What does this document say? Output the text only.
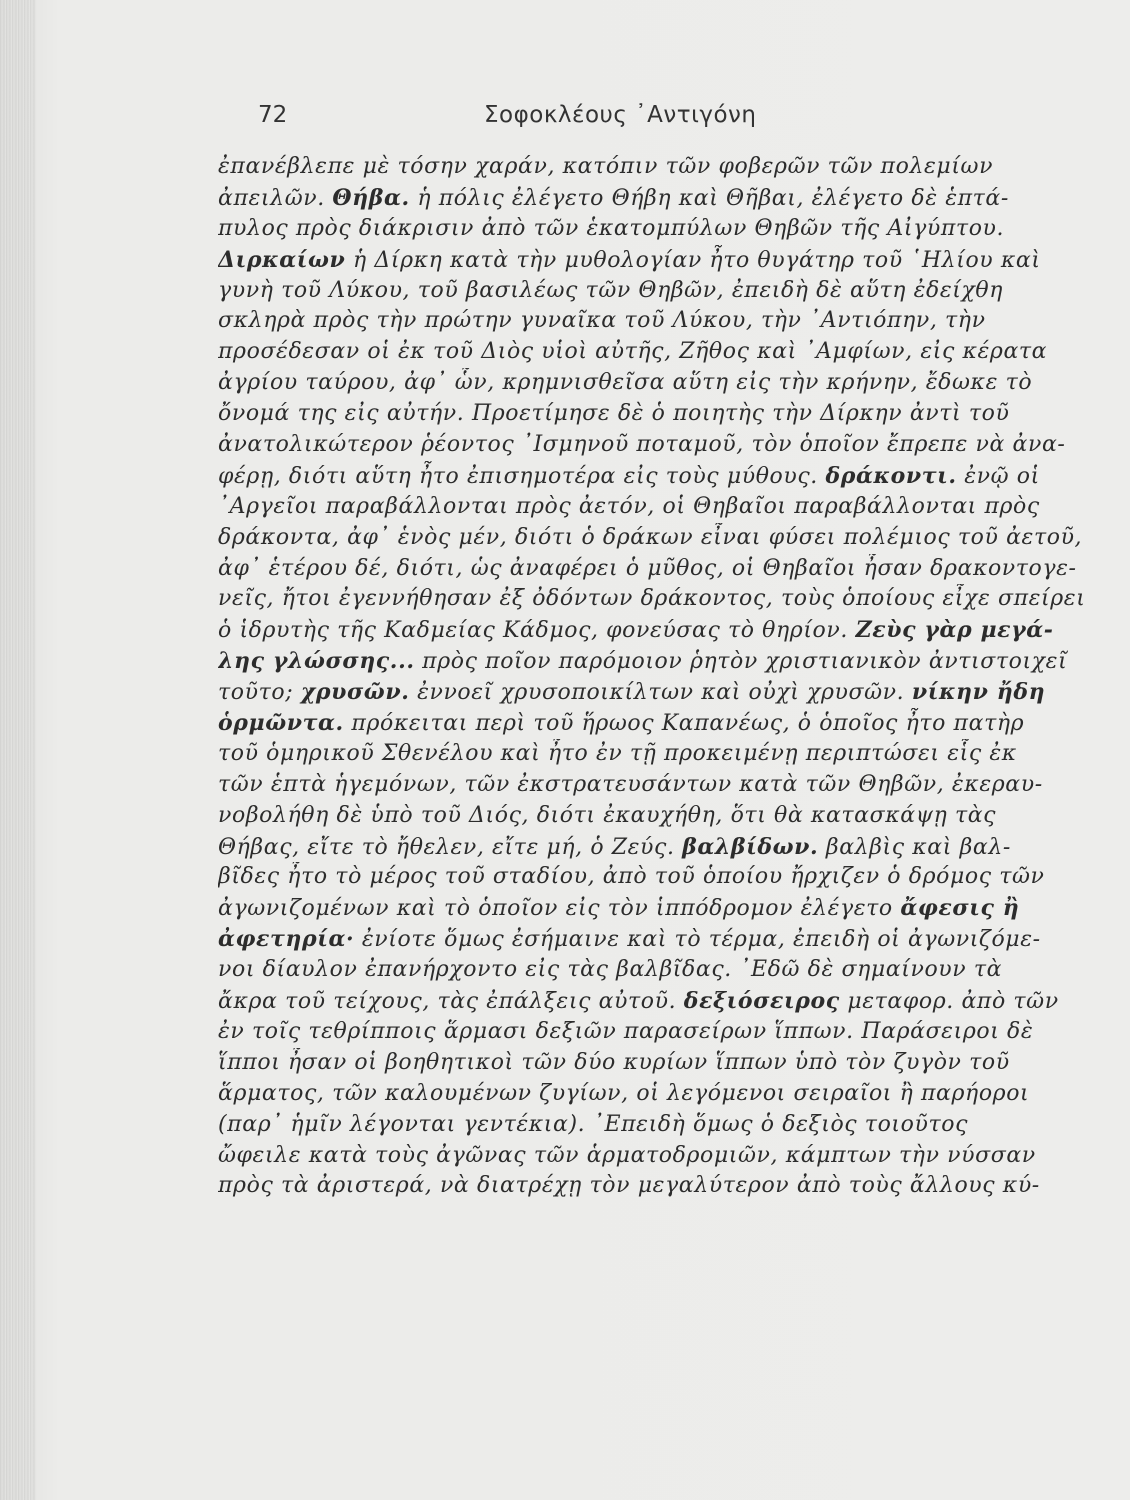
72	Σοφοκλέους ᾿Αντιγόνη
ἐπανέβλεπε μὲ τόσην χαράν, κατόπιν τῶν φοβερῶν τῶν πολεμίων
ἀπειλῶν. Θήβα. ἡ πόλις ἐλέγετο Θήβη καὶ Θῆβαι, ἐλέγετο δὲ ἑπτά-
πυλος πρὸς διάκρισιν ἀπὸ τῶν ἑκατομπύλων Θηβῶν τῆς Αἰγύπτου.
Διρκαίων ἡ Δίρκη κατὰ τὴν μυθολογίαν ἦτο θυγάτηρ τοῦ ῾Ηλίου καὶ
γυνὴ τοῦ Λύκου, τοῦ βασιλέως τῶν Θηβῶν, ἐπειδὴ δὲ αὕτη ἐδείχθη
σκληρὰ πρὸς τὴν πρώτην γυναῖκα τοῦ Λύκου, τὴν ᾿Αντιόπην, τὴν
προσέδεσαν οἱ ἐκ τοῦ Διὸς υἱοὶ αὐτῆς, Ζῆθος καὶ ᾿Αμφίων, εἰς κέρατα
ἀγρίου ταύρου, ἀφ᾿ ὧν, κρημνισθεῖσα αὕτη εἰς τὴν κρήνην, ἔδωκε τὸ
ὄνομά της εἰς αὐτήν. Προετίμησε δὲ ὁ ποιητὴς τὴν Δίρκην ἀντὶ τοῦ
ἀνατολικώτερον ῥέοντος ᾿Ισμηνοῦ ποταμοῦ, τὸν ὁποῖον ἔπρεπε νὰ ἀνα-
φέρῃ, διότι αὕτη ἦτο ἐπισημοτέρα εἰς τοὺς μύθους. δράκοντι. ἐνῷ οἱ
᾿Αργεῖοι παραβάλλονται πρὸς ἀετόν, οἱ Θηβαῖοι παραβάλλονται πρὸς
δράκοντα, ἀφ᾿ ἑνὸς μέν, διότι ὁ δράκων εἶναι φύσει πολέμιος τοῦ ἀετοῦ,
ἀφ᾿ ἑτέρου δέ, διότι, ὡς ἀναφέρει ὁ μῦθος, οἱ Θηβαῖοι ἦσαν δρακοντογε-
νεῖς, ἤτοι ἐγεννήθησαν ἐξ ὀδόντων δράκοντος, τοὺς ὁποίους εἶχε σπείρει
ὁ ἱδρυτὴς τῆς Καδμείας Κάδμος, φονεύσας τὸ θηρίον. Ζεὺς γὰρ μεγά-
λης γλώσσης... πρὸς ποῖον παρόμοιον ῥητὸν χριστιανικὸν ἀντιστοιχεῖ
τοῦτο; χρυσῶν. ἐννοεῖ χρυσοποικίλτων καὶ οὐχὶ χρυσῶν. νίκην ἤδη
ὁρμῶντα. πρόκειται περὶ τοῦ ἥρωος Καπανέως, ὁ ὁποῖος ἦτο πατὴρ
τοῦ ὁμηρικοῦ Σθενέλου καὶ ἦτο ἐν τῇ προκειμένῃ περιπτώσει εἷς ἐκ
τῶν ἑπτὰ ἡγεμόνων, τῶν ἐκστρατευσάντων κατὰ τῶν Θηβῶν, ἐκεραυ-
νοβολήθη δὲ ὑπὸ τοῦ Διός, διότι ἐκαυχήθη, ὅτι θὰ κατασκάψῃ τὰς
Θήβας, εἴτε τὸ ἤθελεν, εἴτε μή, ὁ Ζεύς. βαλβίδων. βαλβὶς καὶ βαλ-
βῖδες ἦτο τὸ μέρος τοῦ σταδίου, ἀπὸ τοῦ ὁποίου ἤρχιζεν ὁ δρόμος τῶν
ἀγωνιζομένων καὶ τὸ ὁποῖον εἰς τὸν ἱππόδρομον ἐλέγετο ἄφεσις ἢ
ἀφετηρία· ἐνίοτε ὅμως ἐσήμαινε καὶ τὸ τέρμα, ἐπειδὴ οἱ ἀγωνιζόμε-
νοι δίαυλον ἐπανήρχοντο εἰς τὰς βαλβῖδας. ᾿Εδῶ δὲ σημαίνουν τὰ
ἄκρα τοῦ τείχους, τὰς ἐπάλξεις αὐτοῦ. δεξιόσειρος μεταφορ. ἀπὸ τῶν
ἐν τοῖς τεθρίπποις ἅρμασι δεξιῶν παρασείρων ἵππων. Παράσειροι δὲ
ἵπποι ἦσαν οἱ βοηθητικοὶ τῶν δύο κυρίων ἵππων ὑπὸ τὸν ζυγὸν τοῦ
ἅρματος, τῶν καλουμένων ζυγίων, οἱ λεγόμενοι σειραῖοι ἢ παρήοροι
(παρ᾿ ἡμῖν λέγονται γεντέκια). ᾿Επειδὴ ὅμως ὁ δεξιὸς τοιοῦτος
ὤφειλε κατὰ τοὺς ἀγῶνας τῶν ἁρματοδρομιῶν, κάμπτων τὴν νύσσαν
πρὸς τὰ ἀριστερά, νὰ διατρέχῃ τὸν μεγαλύτερον ἀπὸ τοὺς ἄλλους κύ-
